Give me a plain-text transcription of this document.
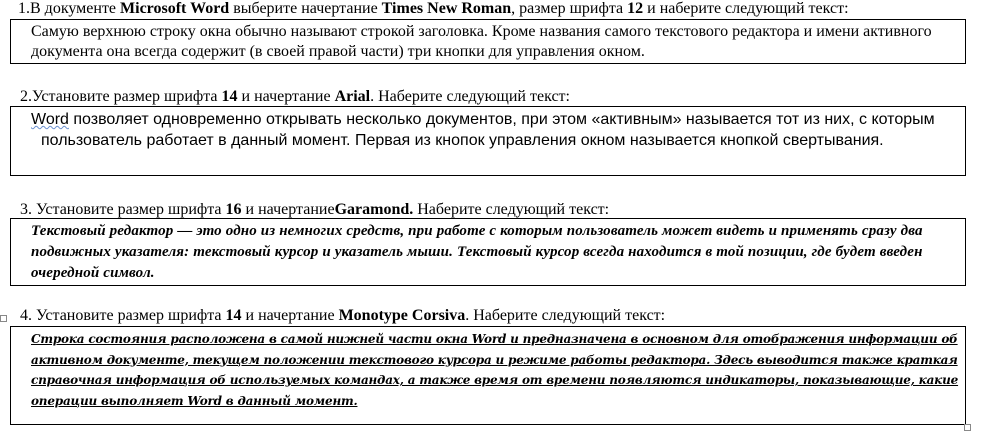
1.В документе Microsoft Word выберите начертание Times New Roman, размер шрифта 12 и наберите следующий текст:

Самую верхнюю строку окна обычно называют строкой заголовка. Кроме названия самого текстового редактора и имени активного документа она всегда содержит (в своей правой части) три кнопки для управления окном.

2.Установите размер шрифта 14 и начертание Arial. Наберите следующий текст:

Word позволяет одновременно открывать несколько документов, при этом «активным» называется тот из них, с которым пользователь работает в данный момент. Первая из кнопок управления окном называется кнопкой свертывания.

3. Установите размер шрифта 16 и начертаниеGaramond. Наберите следующий текст:

Текстовый редактор — это одно из немногих средств, при работе с которым пользователь может видеть и применять сразу два подвижных указателя: текстовый курсор и указатель мыши. Текстовый курсор всегда находится в той позиции, где будет введен очередной символ.

4. Установите размер шрифта 14 и начертание Monotype Corsiva. Наберите следующий текст:

Строка состояния расположена в самой нижней части окна Word и предназначена в основном для отображения информации об активном документе, текущем положении текстового курсора и режиме работы редактора. Здесь выводится также краткая справочная информация об используемых командах, а также время от времени появляются индикаторы, показывающие, какие операции выполняет Word в данный момент.
